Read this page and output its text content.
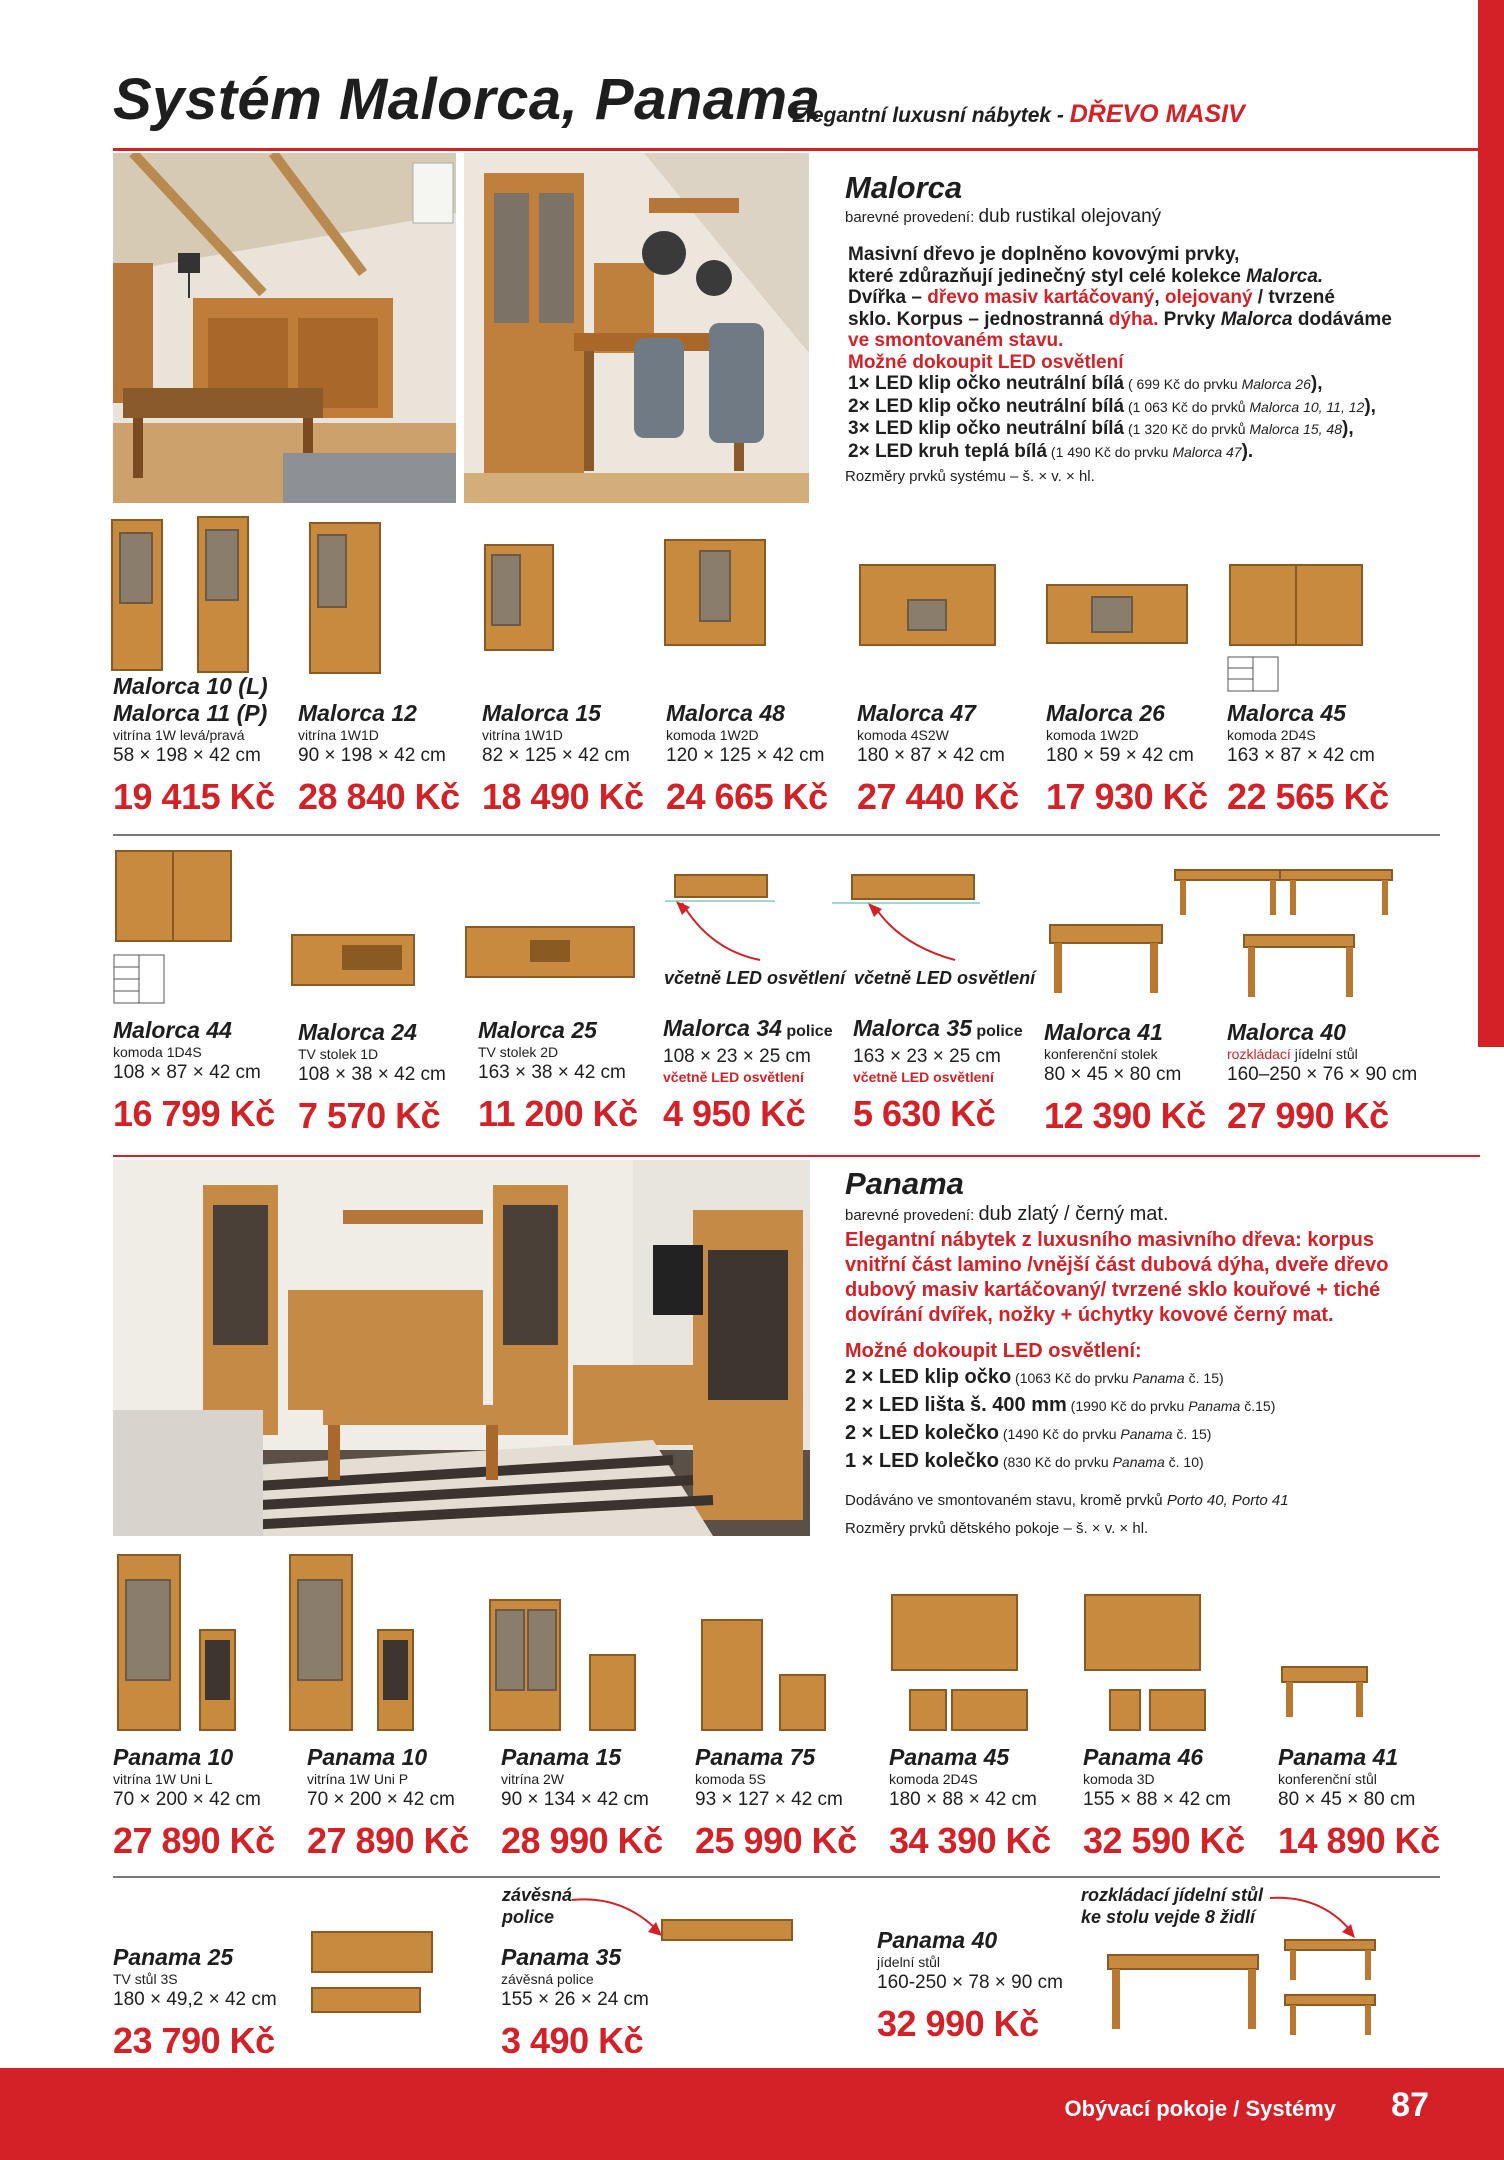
Systém Malorca, Panama
Elegantní luxusní nábytek - DŘEVO MASIV
Malorca
barevné provedení: dub rustikal olejovaný
Masivní dřevo je doplněno kovovými prvky,
které zdůrazňují jedinečný styl celé kolekce Malorca.
Dvířka – dřevo masiv kartáčovaný, olejovaný / tvrzené
sklo. Korpus – jednostranná dýha. Prvky Malorca dodáváme
ve smontovaném stavu.
Možné dokoupit LED osvětlení
1× LED klip očko neutrální bílá ( 699 Kč do prvku Malorca 26),
2× LED klip očko neutrální bílá (1 063 Kč do prvků Malorca 10, 11, 12),
3× LED klip očko neutrální bílá (1 320 Kč do prvků Malorca 15, 48),
2× LED kruh teplá bílá (1 490 Kč do prvku Malorca 47).
Rozměry prvků systému – š. × v. × hl.
Malorca 10 (L)
Malorca 11 (P)
vitrína 1W levá/pravá
58 × 198 × 42 cm
19 415 Kč
Malorca 12
vitrína 1W1D
90 × 198 × 42 cm
28 840 Kč
Malorca 15
vitrína 1W1D
82 × 125 × 42 cm
18 490 Kč
Malorca 48
komoda 1W2D
120 × 125 × 42 cm
24 665 Kč
Malorca 47
komoda 4S2W
180 × 87 × 42 cm
27 440 Kč
Malorca 26
komoda 1W2D
180 × 59 × 42 cm
17 930 Kč
Malorca 45
komoda 2D4S
163 × 87 × 42 cm
22 565 Kč
včetně LED osvětlení včetně LED osvětlení
Malorca 44
komoda 1D4S
108 × 87 × 42 cm
16 799 Kč
Malorca 24
TV stolek 1D
108 × 38 × 42 cm
7 570 Kč
Malorca 25
TV stolek 2D
163 × 38 × 42 cm
11 200 Kč
Malorca 34 police
108 × 23 × 25 cm
včetně LED osvětlení
4 950 Kč
Malorca 35 police
163 × 23 × 25 cm
včetně LED osvětlení
5 630 Kč
Malorca 41
konferenční stolek
80 × 45 × 80 cm
12 390 Kč
Malorca 40
rozkládací jídelní stůl
160–250 × 76 × 90 cm
27 990 Kč
Panama
barevné provedení: dub zlatý / černý mat.
Elegantní nábytek z luxusního masivního dřeva: korpus
vnitřní část lamino /vnější část dubová dýha, dveře dřevo
dubový masiv kartáčovaný/ tvrzené sklo kouřové + tiché
dovírání dvířek, nožky + úchytky kovové černý mat.
Možné dokoupit LED osvětlení:
2 × LED klip očko (1063 Kč do prvku Panama č. 15)
2 × LED lišta š. 400 mm (1990 Kč do prvku Panama č.15)
2 × LED kolečko (1490 Kč do prvku Panama č. 15)
1 × LED kolečko (830 Kč do prvku Panama č. 10)
Dodáváno ve smontovaném stavu, kromě prvků Porto 40, Porto 41
Rozměry prvků dětského pokoje – š. × v. × hl.
Panama 10
vitrína 1W Uni L
70 × 200 × 42 cm
27 890 Kč
Panama 10
vitrína 1W Uni P
70 × 200 × 42 cm
27 890 Kč
Panama 15
vitrína 2W
90 × 134 × 42 cm
28 990 Kč
Panama 75
komoda 5S
93 × 127 × 42 cm
25 990 Kč
Panama 45
komoda 2D4S
180 × 88 × 42 cm
34 390 Kč
Panama 46
komoda 3D
155 × 88 × 42 cm
32 590 Kč
Panama 41
konferenční stůl
80 × 45 × 80 cm
14 890 Kč
závěsná
police
rozkládací jídelní stůl
ke stolu vejde 8 židlí
Panama 25
TV stůl 3S
180 × 49,2 × 42 cm
23 790 Kč
Panama 35
závěsná police
155 × 26 × 24 cm
3 490 Kč
Panama 40
jídelní stůl
160-250 × 78 × 90 cm
32 990 Kč
Obývací pokoje / Systémy 87
